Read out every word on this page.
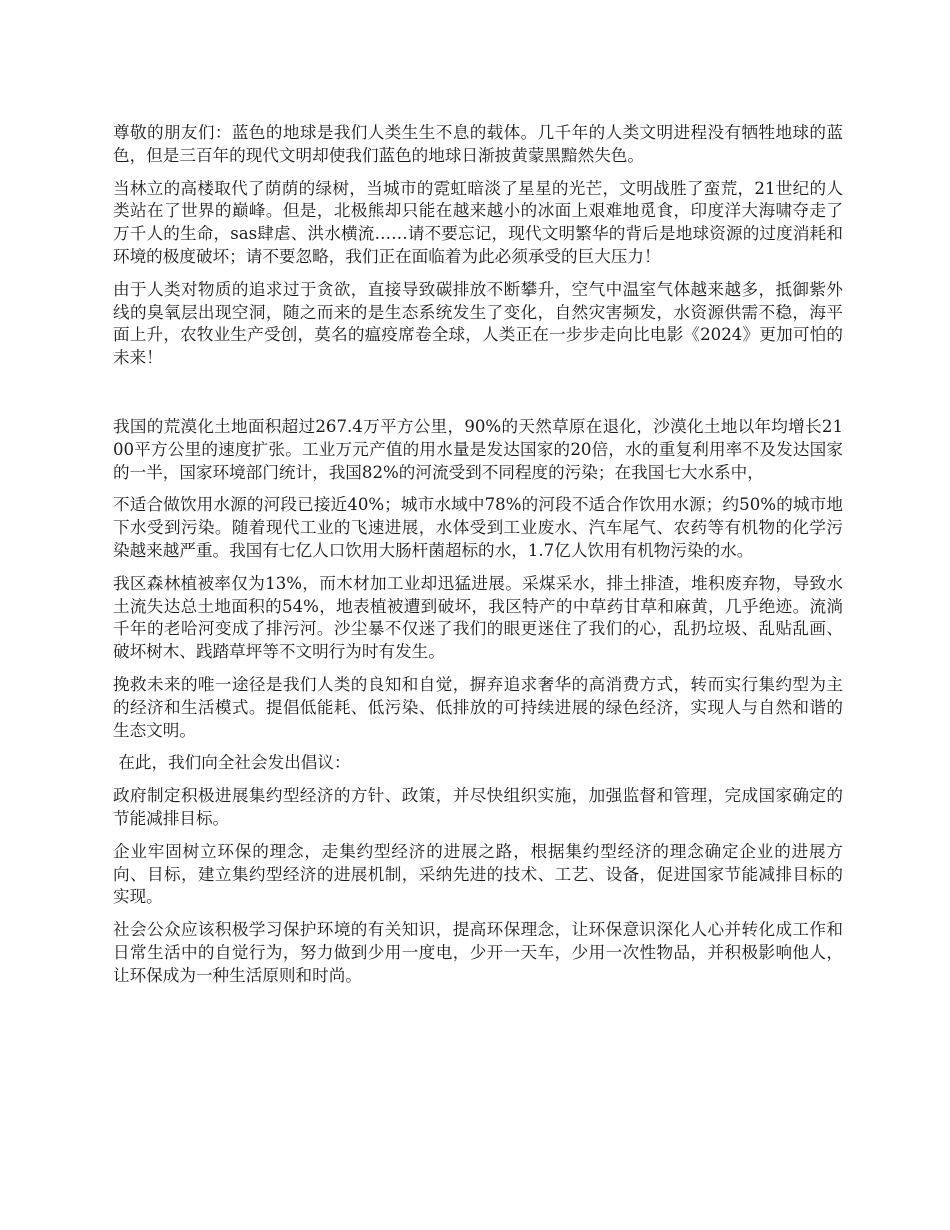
尊敬的朋友们：蓝色的地球是我们人类生生不息的载体。几千年的人类文明进程没有牺牲地球的蓝色，但是三百年的现代文明却使我们蓝色的地球日渐披黄蒙黑黯然失色。

当林立的高楼取代了荫荫的绿树，当城市的霓虹暗淡了星星的光芒，文明战胜了蛮荒，21世纪的人类站在了世界的巅峰。但是，北极熊却只能在越来越小的冰面上艰难地觅食，印度洋大海啸夺走了万千人的生命，sas肆虐、洪水横流……请不要忘记，现代文明繁华的背后是地球资源的过度消耗和环境的极度破坏；请不要忽略，我们正在面临着为此必须承受的巨大压力！

由于人类对物质的追求过于贪欲，直接导致碳排放不断攀升，空气中温室气体越来越多，抵御紫外线的臭氧层出现空洞，随之而来的是生态系统发生了变化，自然灾害频发，水资源供需不稳，海平面上升，农牧业生产受创，莫名的瘟疫席卷全球，人类正在一步步走向比电影《2024》更加可怕的未来！

我国的荒漠化土地面积超过267.4万平方公里，90%的天然草原在退化，沙漠化土地以年均增长2100平方公里的速度扩张。工业万元产值的用水量是发达国家的20倍，水的重复利用率不及发达国家的一半，国家环境部门统计，我国82%的河流受到不同程度的污染；在我国七大水系中，

不适合做饮用水源的河段已接近40%；城市水域中78%的河段不适合作饮用水源；约50%的城市地下水受到污染。随着现代工业的飞速进展，水体受到工业废水、汽车尾气、农药等有机物的化学污染越来越严重。我国有七亿人口饮用大肠杆菌超标的水，1.7亿人饮用有机物污染的水。

我区森林植被率仅为13%，而木材加工业却迅猛进展。采煤采水，排土排渣，堆积废弃物，导致水土流失达总土地面积的54%，地表植被遭到破坏，我区特产的中草药甘草和麻黄，几乎绝迹。流淌千年的老哈河变成了排污河。沙尘暴不仅迷了我们的眼更迷住了我们的心，乱扔垃圾、乱贴乱画、破坏树木、践踏草坪等不文明行为时有发生。

挽救未来的唯一途径是我们人类的良知和自觉，摒弃追求奢华的高消费方式，转而实行集约型为主的经济和生活模式。提倡低能耗、低污染、低排放的可持续进展的绿色经济，实现人与自然和谐的生态文明。

在此，我们向全社会发出倡议：

政府制定积极进展集约型经济的方针、政策，并尽快组织实施，加强监督和管理，完成国家确定的节能减排目标。

企业牢固树立环保的理念，走集约型经济的进展之路，根据集约型经济的理念确定企业的进展方向、目标，建立集约型经济的进展机制，采纳先进的技术、工艺、设备，促进国家节能减排目标的实现。

社会公众应该积极学习保护环境的有关知识，提高环保理念，让环保意识深化人心并转化成工作和日常生活中的自觉行为，努力做到少用一度电，少开一天车，少用一次性物品，并积极影响他人，让环保成为一种生活原则和时尚。
